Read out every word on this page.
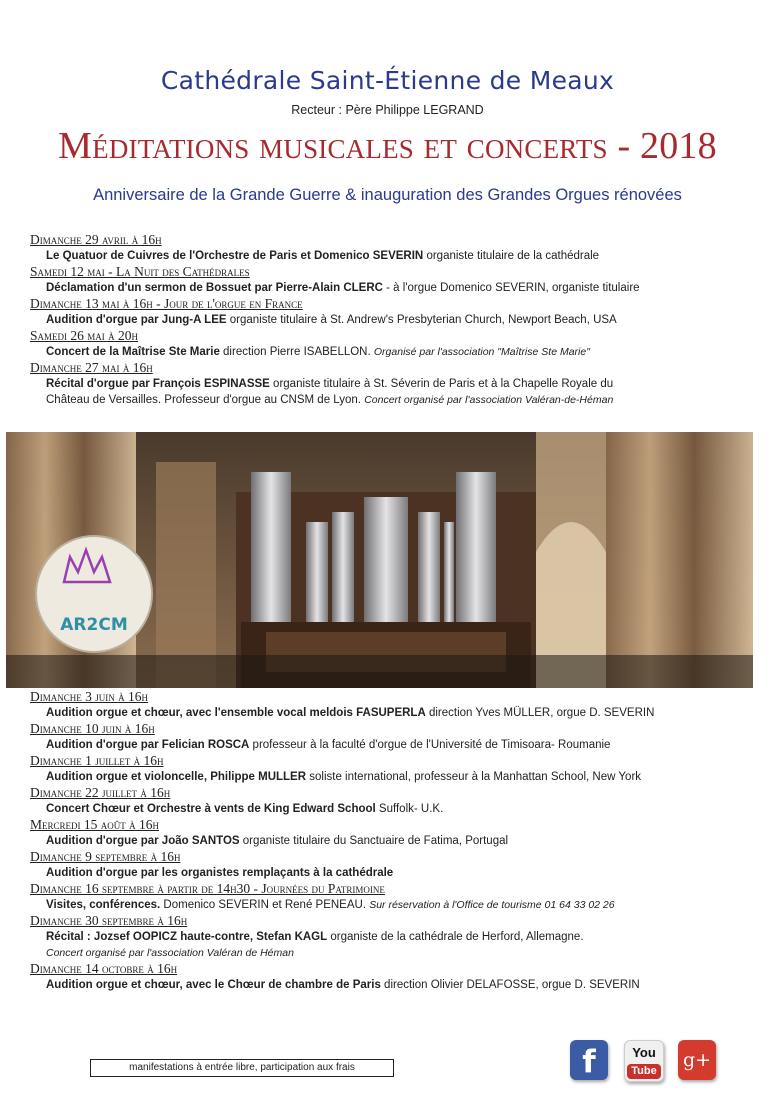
Cathédrale Saint-Étienne de Meaux
Recteur : Père Philippe LEGRAND
Méditations musicales et concerts - 2018
Anniversaire de la Grande Guerre & inauguration des Grandes Orgues rénovées
Dimanche 29 avril à 16h
Le Quatuor de Cuivres de l'Orchestre de Paris et Domenico SEVERIN organiste titulaire de la cathédrale
Samedi 12 mai - La Nuit des Cathédrales
Déclamation d'un sermon de Bossuet par Pierre-Alain CLERC - à l'orgue Domenico SEVERIN, organiste titulaire
Dimanche 13 mai à 16h - Jour de l'orgue en France
Audition d'orgue par Jung-A LEE organiste titulaire à St. Andrew's Presbyterian Church, Newport Beach, USA
Samedi 26 mai à 20h
Concert de la Maîtrise Ste Marie direction Pierre ISABELLON. Organisé par l'association "Maîtrise Ste Marie"
Dimanche 27 mai à 16h
Récital d'orgue par François ESPINASSE organiste titulaire à St. Séverin de Paris et à la Chapelle Royale du
Château de Versailles. Professeur d'orgue au CNSM de Lyon. Concert organisé par l'association Valéran-de-Héman
AR2CM
Association pour le Rayonnement Culturel de la Cathédrale de Meaux
Dimanche 3 juin à 16h
Audition orgue et chœur, avec l'ensemble vocal meldois FASUPERLA direction Yves MÜLLER, orgue D. SEVERIN
Dimanche 10 juin à 16h
Audition d'orgue par Felician ROSCA professeur à la faculté d'orgue de l'Université de Timisoara- Roumanie
Dimanche 1 juillet à 16h
Audition orgue et violoncelle, Philippe MULLER soliste international, professeur à la Manhattan School, New York
Dimanche 22 juillet à 16h
Concert Chœur et Orchestre à vents de King Edward School Suffolk- U.K.
Mercredi 15 août à 16h
Audition d'orgue par João SANTOS organiste titulaire du Sanctuaire de Fatima, Portugal
Dimanche 9 septembre à 16h
Audition d'orgue par les organistes remplaçants à la cathédrale
Dimanche 16 septembre à partir de 14h30 - Journées du Patrimoine
Visites, conférences. Domenico SEVERIN et René PENEAU. Sur réservation à l'Office de tourisme 01 64 33 02 26
Dimanche 30 septembre à 16h
Récital : Jozsef OOPICZ haute-contre, Stefan KAGL organiste de la cathédrale de Herford, Allemagne.
Concert organisé par l'association Valéran de Héman
Dimanche 14 octobre à 16h
Audition orgue et chœur, avec le Chœur de chambre de Paris direction Olivier DELAFOSSE, orgue D. SEVERIN
manifestations à entrée libre, participation aux frais	f	You
Tube	g+
